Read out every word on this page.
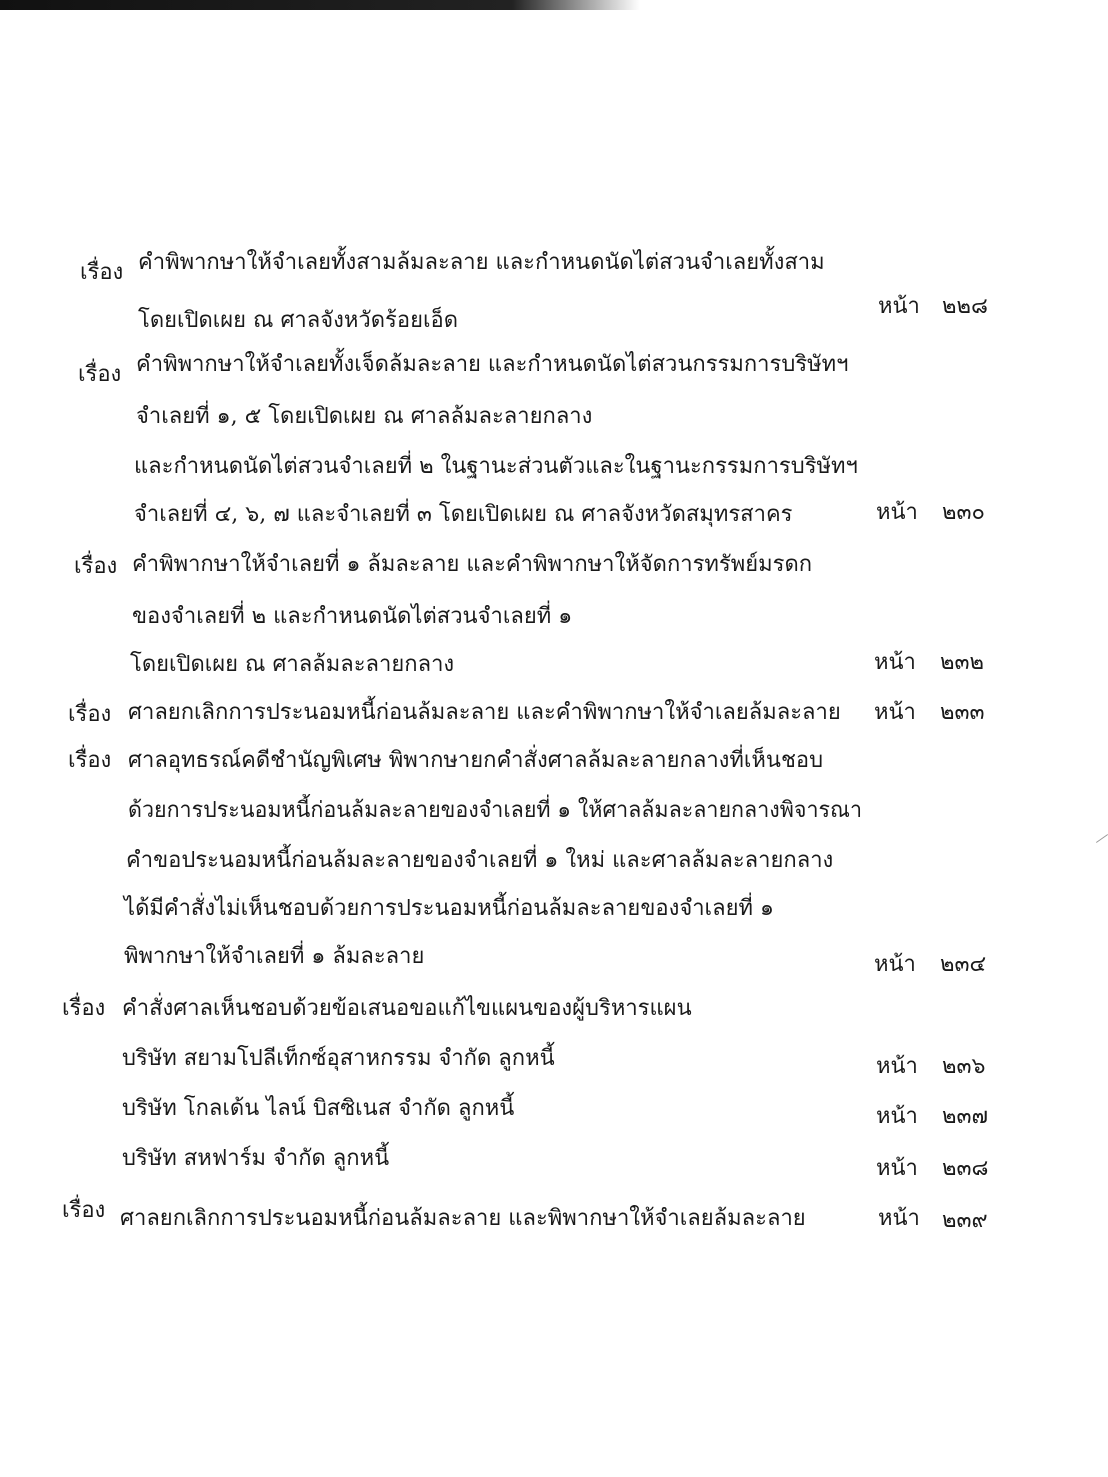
เรื่อง คำพิพากษาให้จำเลยทั้งสามล้มละลาย และกำหนดนัดไต่สวนจำเลยทั้งสาม
โดยเปิดเผย ณ ศาลจังหวัดร้อยเอ็ด
หน้า ๒๒๘
เรื่อง คำพิพากษาให้จำเลยทั้งเจ็ดล้มละลาย และกำหนดนัดไต่สวนกรรมการบริษัทฯ
จำเลยที่ ๑, ๕ โดยเปิดเผย ณ ศาลล้มละลายกลาง
และกำหนดนัดไต่สวนจำเลยที่ ๒ ในฐานะส่วนตัวและในฐานะกรรมการบริษัทฯ
จำเลยที่ ๔, ๖, ๗ และจำเลยที่ ๓ โดยเปิดเผย ณ ศาลจังหวัดสมุทรสาคร	หน้า ๒๓๐
เรื่อง คำพิพากษาให้จำเลยที่ ๑ ล้มละลาย และคำพิพากษาให้จัดการทรัพย์มรดก
ของจำเลยที่ ๒ และกำหนดนัดไต่สวนจำเลยที่ ๑
โดยเปิดเผย ณ ศาลล้มละลายกลาง	หน้า ๒๓๒
เรื่อง ศาลยกเลิกการประนอมหนี้ก่อนล้มละลาย และคำพิพากษาให้จำเลยล้มละลาย หน้า ๒๓๓
เรื่อง ศาลอุทธรณ์คดีชำนัญพิเศษ พิพากษายกคำสั่งศาลล้มละลายกลางที่เห็นชอบ
ด้วยการประนอมหนี้ก่อนล้มละลายของจำเลยที่ ๑ ให้ศาลล้มละลายกลางพิจารณา
คำขอประนอมหนี้ก่อนล้มละลายของจำเลยที่ ๑ ใหม่ และศาลล้มละลายกลาง
ได้มีคำสั่งไม่เห็นชอบด้วยการประนอมหนี้ก่อนล้มละลายของจำเลยที่ ๑
พิพากษาให้จำเลยที่ ๑ ล้มละลาย	หน้า ๒๓๔
เรื่อง คำสั่งศาลเห็นชอบด้วยข้อเสนอขอแก้ไขแผนของผู้บริหารแผน
บริษัท สยามโปลีเท็กซ์อุสาหกรรม จำกัด ลูกหนี้	หน้า ๒๓๖
บริษัท โกลเด้น ไลน์ บิสซิเนส จำกัด ลูกหนี้	หน้า ๒๓๗
บริษัท สหฟาร์ม จำกัด ลูกหนี้	หน้า ๒๓๘
เรื่อง ศาลยกเลิกการประนอมหนี้ก่อนล้มละลาย และพิพากษาให้จำเลยล้มละลาย	หน้า ๒๓๙
